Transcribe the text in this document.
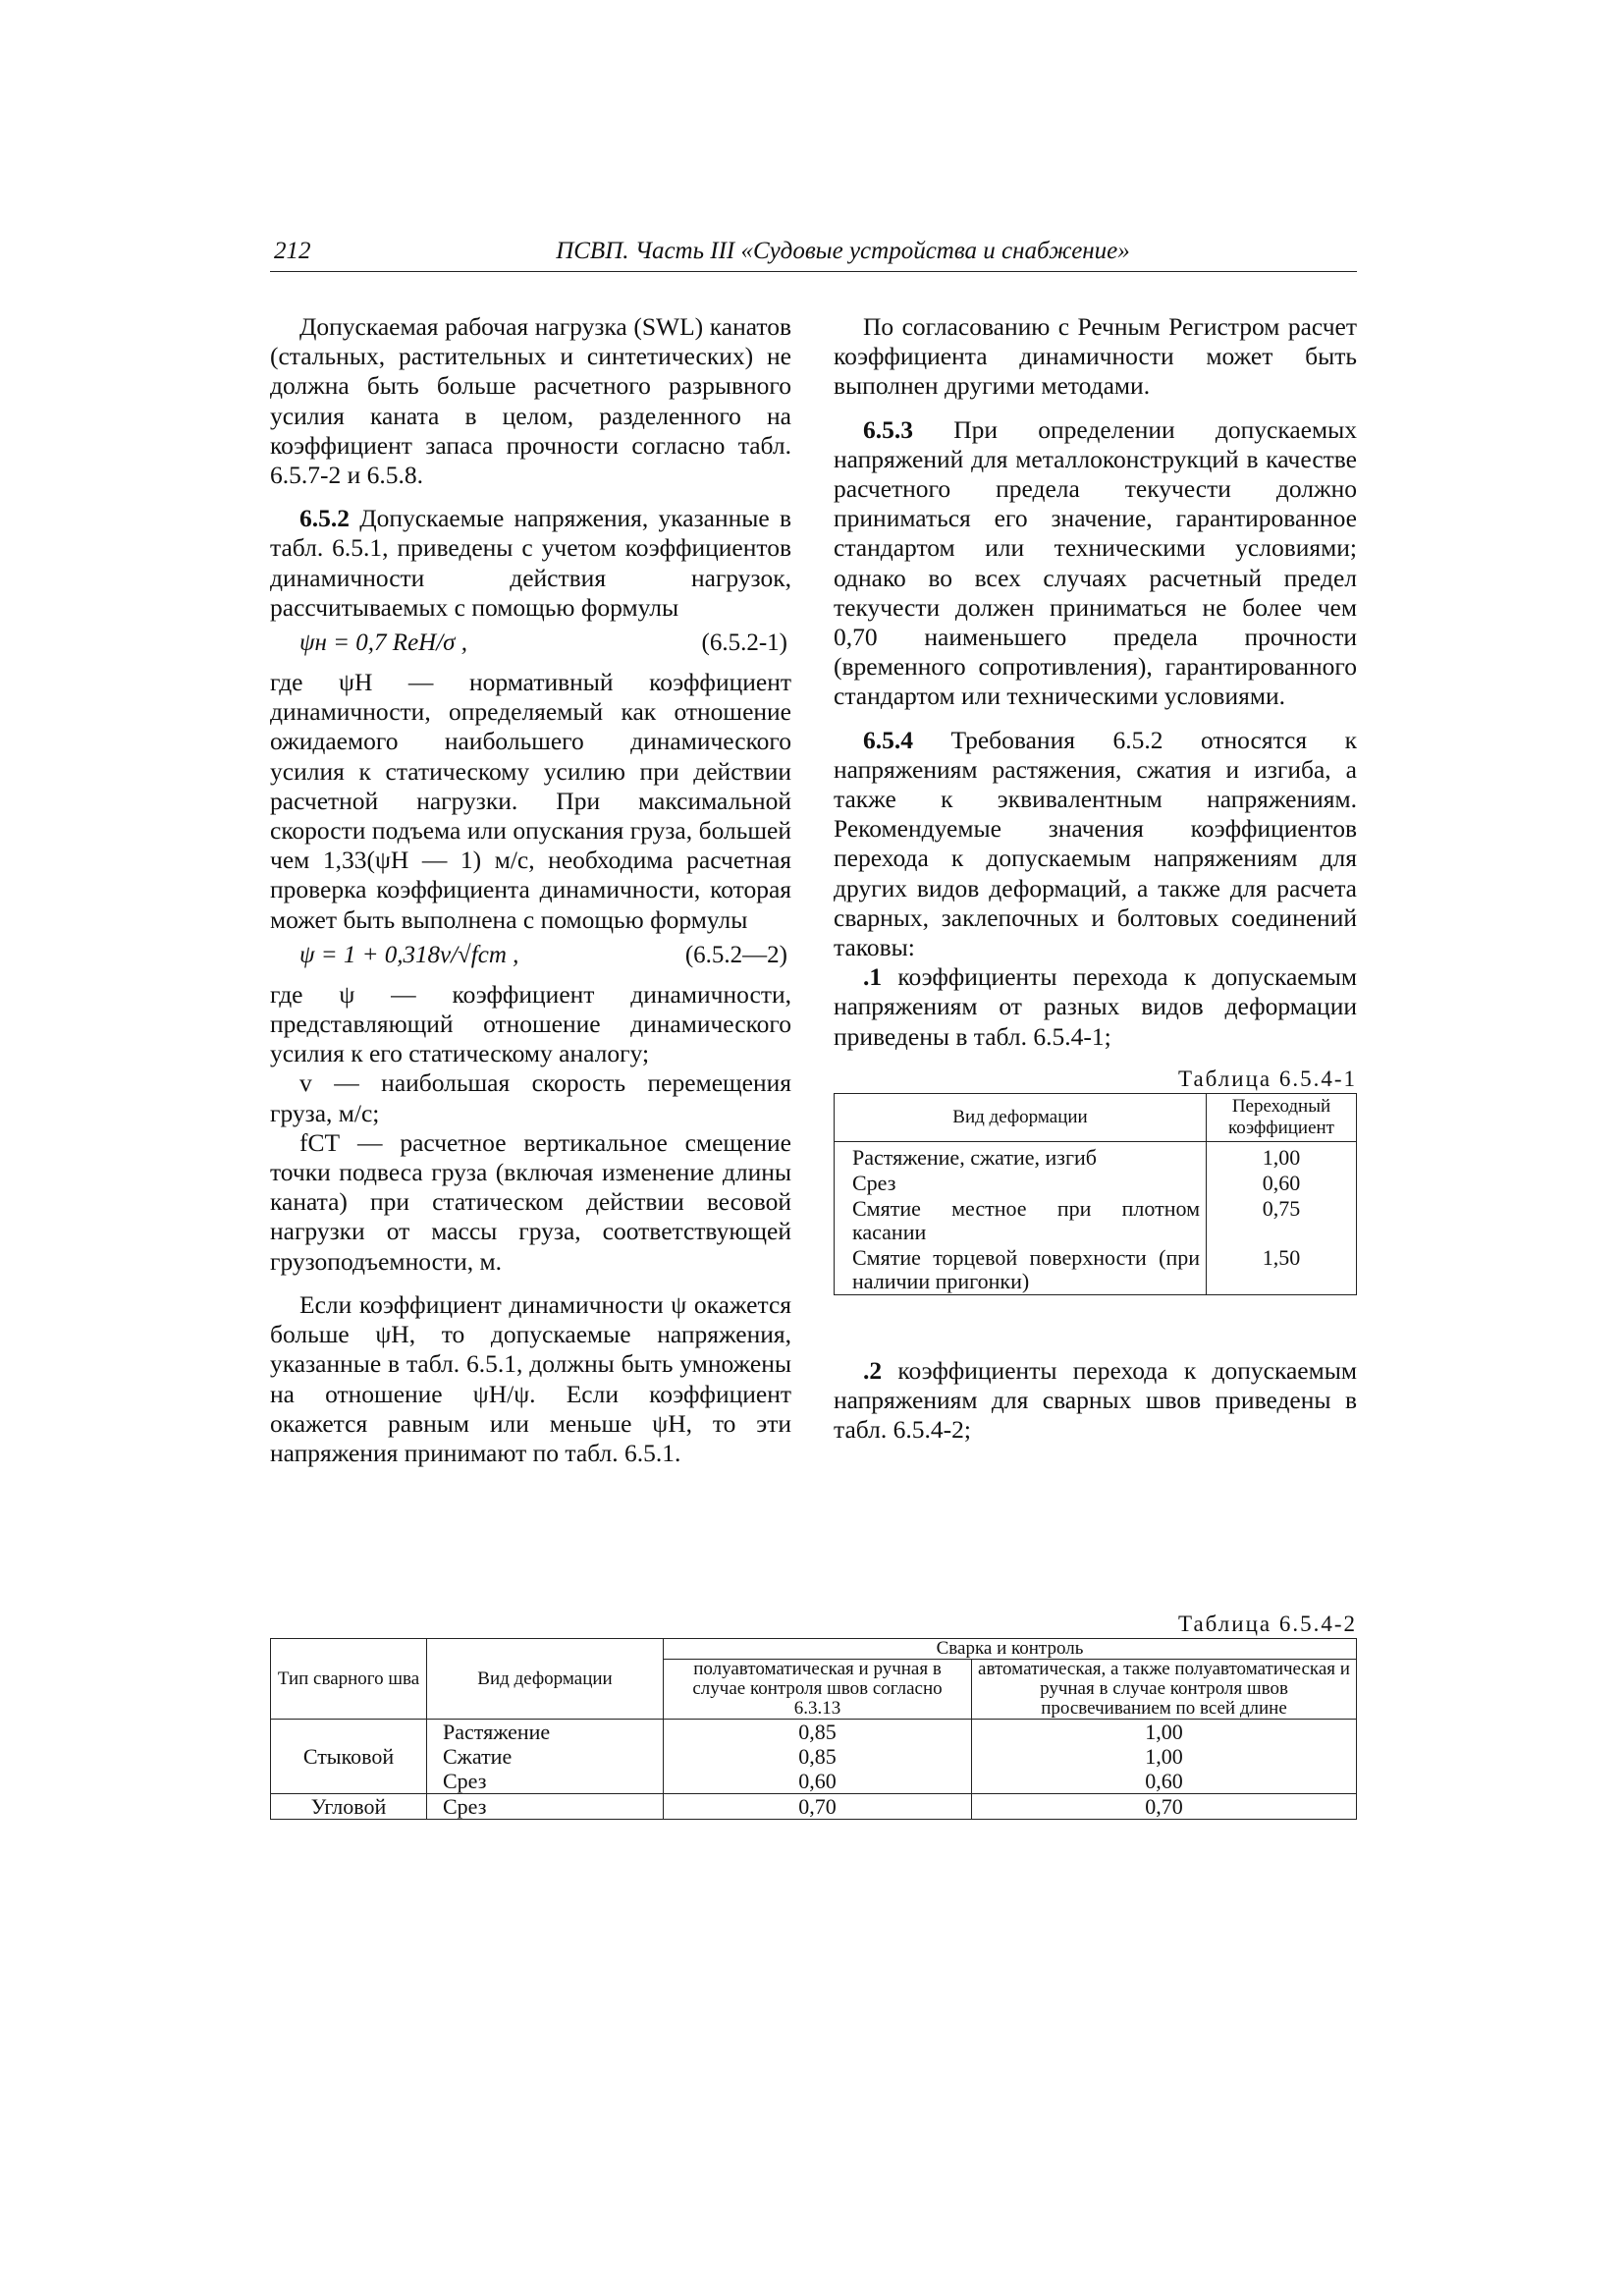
212	ПСВП. Часть III «Судовые устройства и снабжение»

Допускаемая рабочая нагрузка (SWL) канатов (стальных, растительных и синтетических) не должна быть больше расчетного разрывного усилия каната в целом, разделенного на коэффициент запаса прочности согласно табл. 6.5.7-2 и 6.5.8.

6.5.2 Допускаемые напряжения, указанные в табл. 6.5.1, приведены с учетом коэффициентов динамичности действия нагрузок, рассчитываемых с помощью формулы

ψн = 0,7 RеН/σ ,	(6.5.2-1)

где ψН — нормативный коэффициент динамичности, определяемый как отношение ожидаемого наибольшего динамического усилия к статическому усилию при действии расчетной нагрузки. При максимальной скорости подъема или опускания груза, большей чем 1,33(ψН — 1) м/с, необходима расчетная проверка коэффициента динамичности, которая может быть выполнена с помощью формулы

ψ = 1 + 0,318v/√fст ,	(6.5.2—2)

где ψ — коэффициент динамичности, представляющий отношение динамического усилия к его статическому аналогу;

v — наибольшая скорость перемещения груза, м/с;

fСТ — расчетное вертикальное смещение точки подвеса груза (включая изменение длины каната) при статическом действии весовой нагрузки от массы груза, соответствующей грузоподъемности, м.

Если коэффициент динамичности ψ окажется больше ψН, то допускаемые напряжения, указанные в табл. 6.5.1, должны быть умножены на отношение ψН/ψ. Если коэффициент окажется равным или меньше ψН, то эти напряжения принимают по табл. 6.5.1.

По согласованию с Речным Регистром расчет коэффициента динамичности может быть выполнен другими методами.

6.5.3 При определении допускаемых напряжений для металлоконструкций в качестве расчетного предела текучести должно приниматься его значение, гарантированное стандартом или техническими условиями; однако во всех случаях расчетный предел текучести должен приниматься не более чем 0,70 наименьшего предела прочности (временного сопротивления), гарантированного стандартом или техническими условиями.

6.5.4 Требования 6.5.2 относятся к напряжениям растяжения, сжатия и изгиба, а также к эквивалентным напряжениям. Рекомендуемые значения коэффициентов перехода к допускаемым напряжениям для других видов деформаций, а также для расчета сварных, заклепочных и болтовых соединений таковы:

.1 коэффициенты перехода к допускаемым напряжениям от разных видов деформации приведены в табл. 6.5.4-1;

Таблица 6.5.4-1
Вид деформации	Переходный коэффициент
Растяжение, сжатие, изгиб	1,00
Срез	0,60
Смятие местное при плотном касании	0,75
Смятие торцевой поверхности (при наличии пригонки)	1,50

.2 коэффициенты перехода к допускаемым напряжениям для сварных швов приведены в табл. 6.5.4-2;

Таблица 6.5.4-2
Тип сварного шва	Вид деформации	Сварка и контроль	
		полуавтоматическая и ручная в случае контроля швов согласно 6.3.13	автоматическая, а также полуавтоматическая и ручная в случае контроля швов просвечиванием по всей длине
Стыковой	Растяжение	0,85	1,00
	Сжатие	0,85	1,00
	Срез	0,60	0,60
Угловой	Срез	0,70	0,70
